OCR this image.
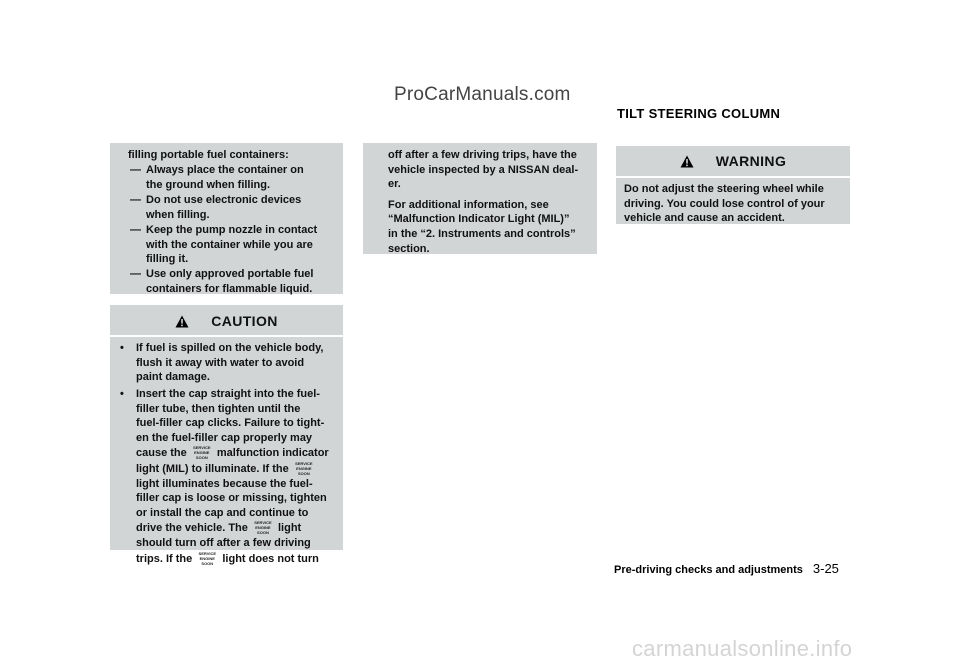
ProCarManuals.com
filling portable fuel containers:
— Always place the container on
the ground when filling.
— Do not use electronic devices
when filling.
— Keep the pump nozzle in contact
with the container while you are
filling it.
— Use only approved portable fuel
containers for flammable liquid.
CAUTION
• If fuel is spilled on the vehicle body,
flush it away with water to avoid
paint damage.
• Insert the cap straight into the fuel-
filler tube, then tighten until the
fuel-filler cap clicks. Failure to tight-
en the fuel-filler cap properly may
cause the	SERVICE
ENGINE
SOON malfunction indicator
light (MIL) to illuminate. If the	SERVICE
ENGINE
SOON
light illuminates because the fuel-
filler cap is loose or missing, tighten
or install the cap and continue to
drive the vehicle. The	SERVICE
ENGINE
SOON light
should turn off after a few driving
trips. If the	SERVICE
ENGINE
SOON light does not turn

off after a few driving trips, have the
vehicle inspected by a NISSAN deal-
er.

For additional information, see
“Malfunction Indicator Light (MIL)”
in the “2. Instruments and controls”
section.

TILT STEERING COLUMN
WARNING
Do not adjust the steering wheel while
driving. You could lose control of your
vehicle and cause an accident.
Pre-driving checks and adjustments 3-25
carmanualsonline.info
